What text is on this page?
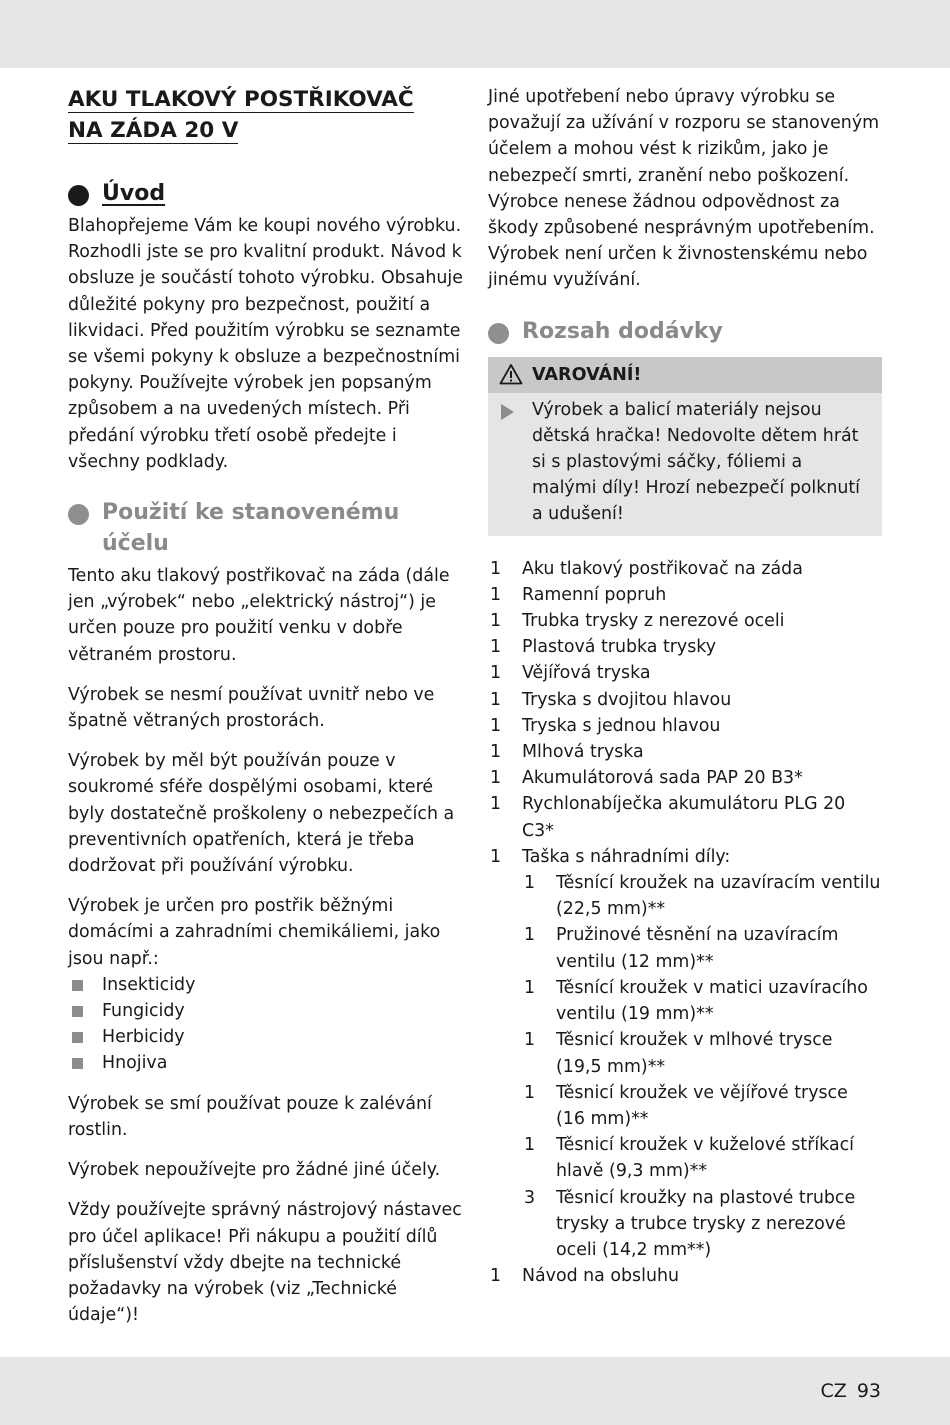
AKU TLAKOVÝ POSTŘIKOVAČ
NA ZÁDA 20 V
Úvod

Blahopřejeme Vám ke koupi nového výrobku. Rozhodli jste se pro kvalitní produkt. Návod k obsluze je součástí tohoto výrobku. Obsahuje důležité pokyny pro bezpečnost, použití a likvidaci. Před použitím výrobku se seznamte se všemi pokyny k obsluze a bezpečnostními pokyny. Používejte výrobek jen popsaným způsobem a na uvedených místech. Při předání výrobku třetí osobě předejte i všechny podklady.

Použití ke stanovenému účelu

Tento aku tlakový postřikovač na záda (dále jen „výrobek“ nebo „elektrický nástroj“) je určen pouze pro použití venku v dobře větraném prostoru.

Výrobek se nesmí používat uvnitř nebo ve špatně větraných prostorách.

Výrobek by měl být používán pouze v soukromé sféře dospělými osobami, které byly dostatečně proškoleny o nebezpečích a preventivních opatřeních, která je třeba dodržovat při používání výrobku.

Výrobek je určen pro postřik běžnými domácími a zahradními chemikáliemi, jako jsou např.:

Insekticidy
Fungicidy
Herbicidy
Hnojiva

Výrobek se smí používat pouze k zalévání rostlin.

Výrobek nepoužívejte pro žádné jiné účely.

Vždy používejte správný nástrojový nástavec pro účel aplikace! Při nákupu a použití dílů příslušenství vždy dbejte na technické požadavky na výrobek (viz „Technické údaje“)!

Jiné upotřebení nebo úpravy výrobku se považují za užívání v rozporu se stanoveným účelem a mohou vést k rizikům, jako je nebezpečí smrti, zranění nebo poškození. Výrobce nenese žádnou odpovědnost za škody způsobené nesprávným upotřebením. Výrobek není určen k živnostenskému nebo jinému využívání.

Rozsah dodávky
VAROVÁNÍ!
Výrobek a balicí materiály nejsou dětská hračka! Nedovolte dětem hrát si s plastovými sáčky, fóliemi a malými díly! Hrozí nebezpečí polknutí a udušení!
1 Aku tlakový postřikovač na záda
1 Ramenní popruh
1 Trubka trysky z nerezové oceli
1 Plastová trubka trysky
1 Vějířová tryska
1 Tryska s dvojitou hlavou
1 Tryska s jednou hlavou
1 Mlhová tryska
1 Akumulátorová sada PAP 20 B3*
1 Rychlonabíječka akumulátoru PLG 20 C3*
1 Taška s náhradními díly:
1 Těsnící kroužek na uzavíracím ventilu (22,5 mm)**
1 Pružinové těsnění na uzavíracím ventilu (12 mm)**
1 Těsnící kroužek v matici uzavíracího ventilu (19 mm)**
1 Těsnicí kroužek v mlhové trysce (19,5 mm)**
1 Těsnicí kroužek ve vějířové trysce (16 mm)**
1 Těsnicí kroužek v kuželové stříkací hlavě (9,3 mm)**
3 Těsnicí kroužky na plastové trubce trysky a trubce trysky z nerezové oceli (14,2 mm**)
1 Návod na obsluhu
CZ 93
